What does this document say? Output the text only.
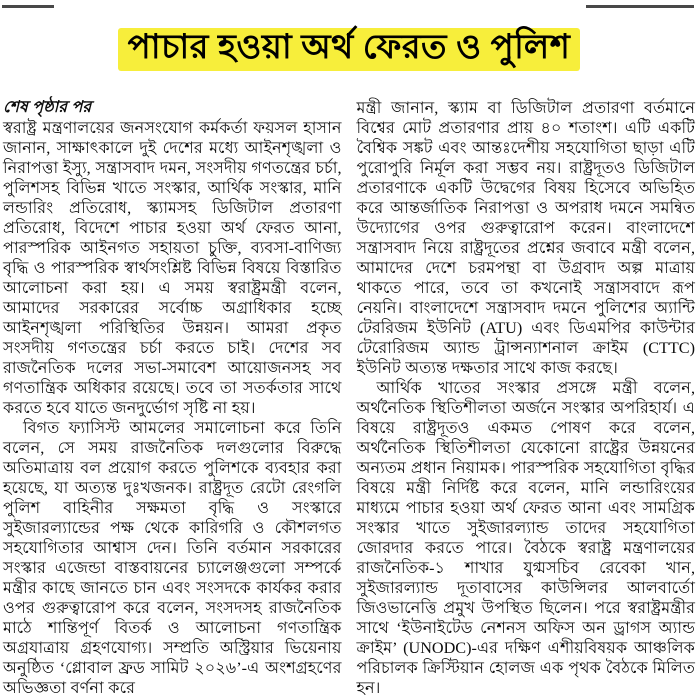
পাচার হওয়া অর্থ ফেরত ও পুলিশ
শেষ পৃষ্ঠার পর

স্বরাষ্ট্র মন্ত্রণালয়ের জনসংযোগ কর্মকর্তা ফয়সল হাসান জানান, সাক্ষাৎকালে দুই দেশের মধ্যে আইনশৃঙ্খলা ও নিরাপত্তা ইস্যু, সন্ত্রাসবাদ দমন, সংসদীয় গণতন্ত্রের চর্চা, পুলিশসহ বিভিন্ন খাতে সংস্কার, আর্থিক সংস্কার, মানি লন্ডারিং প্রতিরোধ, স্ক্যামসহ ডিজিটাল প্রতারণা প্রতিরোধ, বিদেশে পাচার হওয়া অর্থ ফেরত আনা, পারস্পরিক আইনগত সহায়তা চুক্তি, ব্যবসা-বাণিজ্য বৃদ্ধি ও পারস্পরিক স্বার্থসংশ্লিষ্ট বিভিন্ন বিষয়ে বিস্তারিত আলোচনা করা হয়। এ সময় স্বরাষ্ট্রমন্ত্রী বলেন, আমাদের সরকারের সর্বোচ্চ অগ্রাধিকার হচ্ছে আইনশৃঙ্খলা পরিস্থিতির উন্নয়ন। আমরা প্রকৃত সংসদীয় গণতন্ত্রের চর্চা করতে চাই। দেশের সব রাজনৈতিক দলের সভা-সমাবেশ আয়োজনসহ সব গণতান্ত্রিক অধিকার রয়েছে। তবে তা সতর্কতার সাথে করতে হবে যাতে জনদুর্ভোগ সৃষ্টি না হয়।

বিগত ফ্যাসিস্ট আমলের সমালোচনা করে তিনি বলেন, সে সময় রাজনৈতিক দলগুলোর বিরুদ্ধে অতিমাত্রায় বল প্রয়োগ করতে পুলিশকে ব্যবহার করা হয়েছে, যা অত্যন্ত দুঃখজনক। রাষ্ট্রদূত রেটো রেংগলি পুলিশ বাহিনীর সক্ষমতা বৃদ্ধি ও সংস্কারে সুইজারল্যান্ডের পক্ষ থেকে কারিগরি ও কৌশলগত সহযোগিতার আশ্বাস দেন। তিনি বর্তমান সরকারের সংস্কার এজেন্ডা বাস্তবায়নের চ্যালেঞ্জগুলো সম্পর্কে মন্ত্রীর কাছে জানতে চান এবং সংসদকে কার্যকর করার ওপর গুরুত্বারোপ করে বলেন, সংসদসহ রাজনৈতিক মাঠে শান্তিপূর্ণ বিতর্ক ও আলোচনা গণতান্ত্রিক অগ্রযাত্রায় গ্রহণযোগ্য। সম্প্রতি অস্ট্রিয়ার ভিয়েনায় অনুষ্ঠিত ‘গ্লোবাল ফ্রড সামিট ২০২৬’-এ অংশগ্রহণের অভিজ্ঞতা বর্ণনা করে

মন্ত্রী জানান, স্ক্যাম বা ডিজিটাল প্রতারণা বর্তমানে বিশ্বের মোট প্রতারণার প্রায় ৪০ শতাংশ। এটি একটি বৈশ্বিক সঙ্কট এবং আন্তঃদেশীয় সহযোগিতা ছাড়া এটি পুরোপুরি নির্মূল করা সম্ভব নয়। রাষ্ট্রদূতও ডিজিটাল প্রতারণাকে একটি উদ্বেগের বিষয় হিসেবে অভিহিত করে আন্তর্জাতিক নিরাপত্তা ও অপরাধ দমনে সমন্বিত উদ্যোগের ওপর গুরুত্বারোপ করেন। বাংলাদেশে সন্ত্রাসবাদ নিয়ে রাষ্ট্রদূতের প্রশ্নের জবাবে মন্ত্রী বলেন, আমাদের দেশে চরমপন্থা বা উগ্রবাদ অল্প মাত্রায় থাকতে পারে, তবে তা কখনোই সন্ত্রাসবাদে রূপ নেয়নি। বাংলাদেশে সন্ত্রাসবাদ দমনে পুলিশের অ্যান্টি টেররিজম ইউনিট (ATU) এবং ডিএমপির কাউন্টার টেরোরিজম অ্যান্ড ট্রান্সন্যাশনাল ক্রাইম (CTTC) ইউনিট অত্যন্ত দক্ষতার সাথে কাজ করছে।

আর্থিক খাতের সংস্কার প্রসঙ্গে মন্ত্রী বলেন, অর্থনৈতিক স্থিতিশীলতা অর্জনে সংস্কার অপরিহার্য। এ বিষয়ে রাষ্ট্রদূতও একমত পোষণ করে বলেন, অর্থনৈতিক স্থিতিশীলতা যেকোনো রাষ্ট্রের উন্নয়নের অন্যতম প্রধান নিয়ামক। পারস্পরিক সহযোগিতা বৃদ্ধির বিষয়ে মন্ত্রী নির্দিষ্ট করে বলেন, মানি লন্ডারিংয়ের মাধ্যমে পাচার হওয়া অর্থ ফেরত আনা এবং সামগ্রিক সংস্কার খাতে সুইজারল্যান্ড তাদের সহযোগিতা জোরদার করতে পারে। বৈঠকে স্বরাষ্ট্র মন্ত্রণালয়ের রাজনৈতিক-১ শাখার যুগ্মসচিব রেবেকা খান, সুইজারল্যান্ড দূতাবাসের কাউন্সিলর আলবার্তো জিওভানেত্তি প্রমুখ উপস্থিত ছিলেন। পরে স্বরাষ্ট্রমন্ত্রীর সাথে ‘ইউনাইটেড নেশনস অফিস অন ড্রাগস অ্যান্ড ক্রাইম’ (UNODC)-এর দক্ষিণ এশীয়বিষয়ক আঞ্চলিক পরিচালক ক্রিস্টিয়ান হোলজ এক পৃথক বৈঠকে মিলিত হন।
